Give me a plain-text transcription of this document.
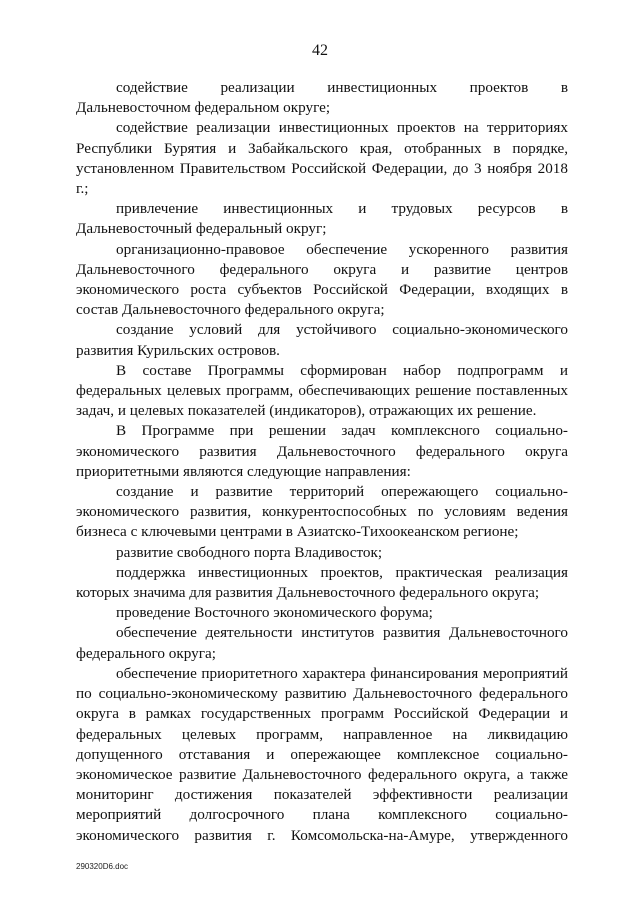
42

содействие реализации инвестиционных проектов в Дальневосточном федеральном округе;

содействие реализации инвестиционных проектов на территориях Республики Бурятия и Забайкальского края, отобранных в порядке, установленном Правительством Российской Федерации, до 3 ноября 2018 г.;

привлечение инвестиционных и трудовых ресурсов в Дальневосточный федеральный округ;

организационно-правовое обеспечение ускоренного развития Дальневосточного федерального округа и развитие центров экономического роста субъектов Российской Федерации, входящих в состав Дальневосточного федерального округа;

создание условий для устойчивого социально-экономического развития Курильских островов.

В составе Программы сформирован набор подпрограмм и федеральных целевых программ, обеспечивающих решение поставленных задач, и целевых показателей (индикаторов), отражающих их решение.

В Программе при решении задач комплексного социально-экономического развития Дальневосточного федерального округа приоритетными являются следующие направления:

создание и развитие территорий опережающего социально-экономического развития, конкурентоспособных по условиям ведения бизнеса с ключевыми центрами в Азиатско-Тихоокеанском регионе;

развитие свободного порта Владивосток;

поддержка инвестиционных проектов, практическая реализация которых значима для развития Дальневосточного федерального округа;

проведение Восточного экономического форума;

обеспечение деятельности институтов развития Дальневосточного федерального округа;

обеспечение приоритетного характера финансирования мероприятий по социально-экономическому развитию Дальневосточного федерального округа в рамках государственных программ Российской Федерации и федеральных целевых программ, направленное на ликвидацию допущенного отставания и опережающее комплексное социально-экономическое развитие Дальневосточного федерального округа, а также мониторинг достижения показателей эффективности реализации мероприятий долгосрочного плана комплексного социально-экономического развития г. Комсомольска-на-Амуре, утвержденного

290320D6.doc
